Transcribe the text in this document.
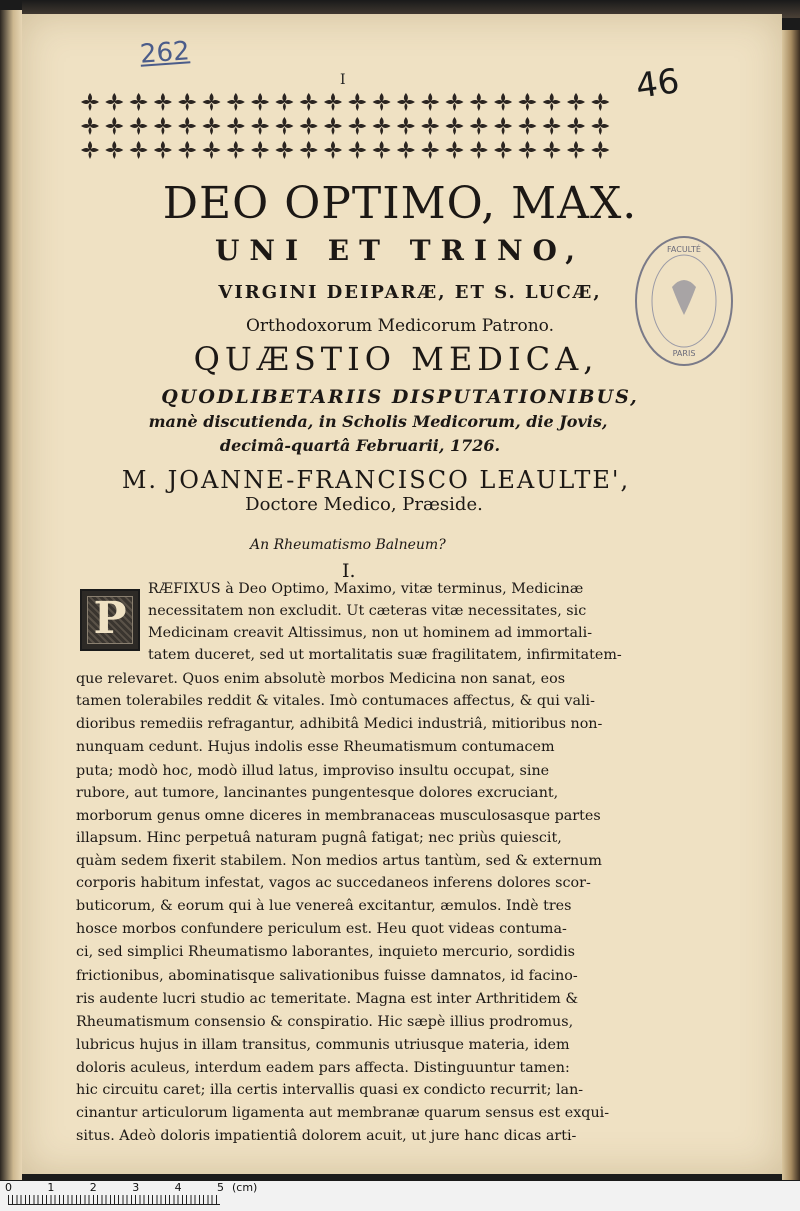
262
46
I
FACULTÉ
PARIS
DEO OPTIMO, MAX.
UNI ET TRINO,
VIRGINI DEIPARÆ, ET S. LUCÆ,
Orthodoxorum Medicorum Patrono.
QUÆSTIO MEDICA,
QUODLIBETARIIS DISPUTATIONIBUS,
manè discutienda, in Scholis Medicorum, die Jovis,
decimâ-quartâ Februarii, 1726.
M. JOANNE-FRANCISCO LEAULTE',
Doctore Medico, Præside.
An Rheumatismo Balneum?
I.
P
RÆFIXUS à Deo Optimo, Maximo, vitæ terminus, Medicinæ
necessitatem non excludit. Ut cæteras vitæ necessitates, sic
Medicinam creavit Altissimus, non ut hominem ad immortali-
tatem duceret, sed ut mortalitatis suæ fragilitatem, infirmitatem-
que relevaret. Quos enim absolutè morbos Medicina non sanat, eos
tamen tolerabiles reddit & vitales. Imò contumaces affectus, & qui vali-
dioribus remediis refragantur, adhibitâ Medici industriâ, mitioribus non-
nunquam cedunt. Hujus indolis esse Rheumatismum contumacem
puta; modò hoc, modò illud latus, improviso insultu occupat, sine
rubore, aut tumore, lancinantes pungentesque dolores excruciant,
morborum genus omne diceres in membranaceas musculosasque partes
illapsum. Hinc perpetuâ naturam pugnâ fatigat; nec priùs quiescit,
quàm sedem fixerit stabilem. Non medios artus tantùm, sed & externum
corporis habitum infestat, vagos ac succedaneos inferens dolores scor-
buticorum, & eorum qui à lue venereâ excitantur, æmulos. Indè tres
hosce morbos confundere periculum est. Heu quot videas contuma-
ci, sed simplici Rheumatismo laborantes, inquieto mercurio, sordidis
frictionibus, abominatisque salivationibus fuisse damnatos, id facino-
ris audente lucri studio ac temeritate. Magna est inter Arthritidem &
Rheumatismum consensio & conspiratio. Hic sæpè illius prodromus,
lubricus hujus in illam transitus, communis utriusque materia, idem
doloris aculeus, interdum eadem pars affecta. Distinguuntur tamen:
hic circuitu caret; illa certis intervallis quasi ex condicto recurrit; lan-
cinantur articulorum ligamenta aut membranæ quarum sensus est exqui-
situs. Adeò doloris impatientiâ dolorem acuit, ut jure hanc dicas arti-
0	1	2	3	4	5 (cm)
